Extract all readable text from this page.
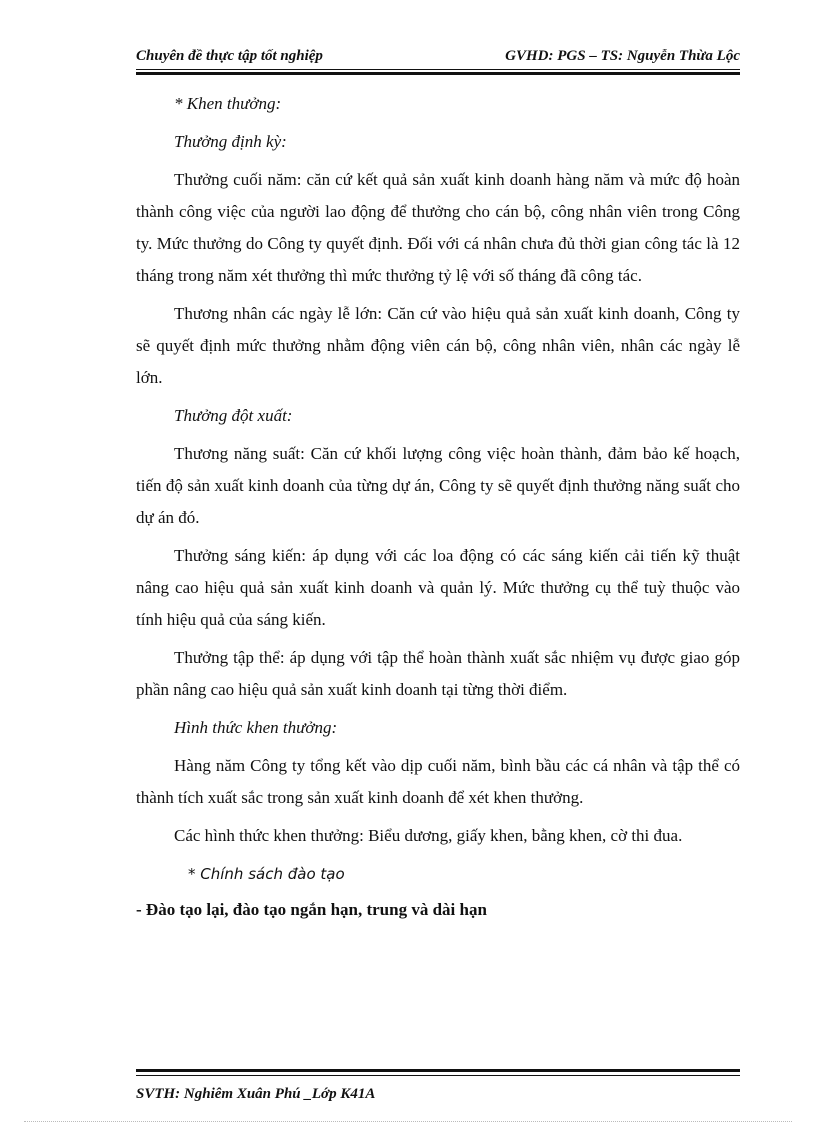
Chuyên đề thực tập tốt nghiệp	GVHD: PGS – TS: Nguyễn Thừa Lộc
* Khen thưởng:
Thưởng định kỳ:
Thưởng cuối năm: căn cứ kết quả sản xuất kinh doanh hàng năm và mức độ hoàn thành công việc của người lao động để thưởng cho cán bộ, công nhân viên trong Công ty. Mức thưởng do Công ty quyết định. Đối với cá nhân chưa đủ thời gian công tác là 12 tháng trong năm xét thưởng thì mức thưởng tỷ lệ với số tháng đã công tác.
Thương nhân các ngày lễ lớn: Căn cứ vào hiệu quả sản xuất kinh doanh, Công ty sẽ quyết định mức thưởng nhằm động viên cán bộ, công nhân viên, nhân các ngày lễ lớn.
Thưởng đột xuất:
Thương năng suất: Căn cứ khối lượng công việc hoàn thành, đảm bảo kế hoạch, tiến độ sản xuất kinh doanh của từng dự án, Công ty sẽ quyết định thưởng năng suất cho dự án đó.
Thưởng sáng kiến: áp dụng với các loa động có các sáng kiến cải tiến kỹ thuật nâng cao hiệu quả sản xuất kinh doanh và quản lý. Mức thưởng cụ thể tuỳ thuộc vào tính hiệu quả của sáng kiến.
Thưởng tập thể: áp dụng với tập thể hoàn thành xuất sắc nhiệm vụ được giao góp phần nâng cao hiệu quả sản xuất kinh doanh tại từng thời điểm.
Hình thức khen thưởng:
Hàng năm Công ty tổng kết vào dịp cuối năm, bình bầu các cá nhân và tập thể có thành tích xuất sắc trong sản xuất kinh doanh để xét khen thưởng.
Các hình thức khen thưởng: Biểu dương, giấy khen, bằng khen, cờ thi đua.
* Chính sách đào tạo
- Đào tạo lại, đào tạo ngắn hạn, trung và dài hạn
SVTH: Nghiêm Xuân Phú _Lớp K41A
